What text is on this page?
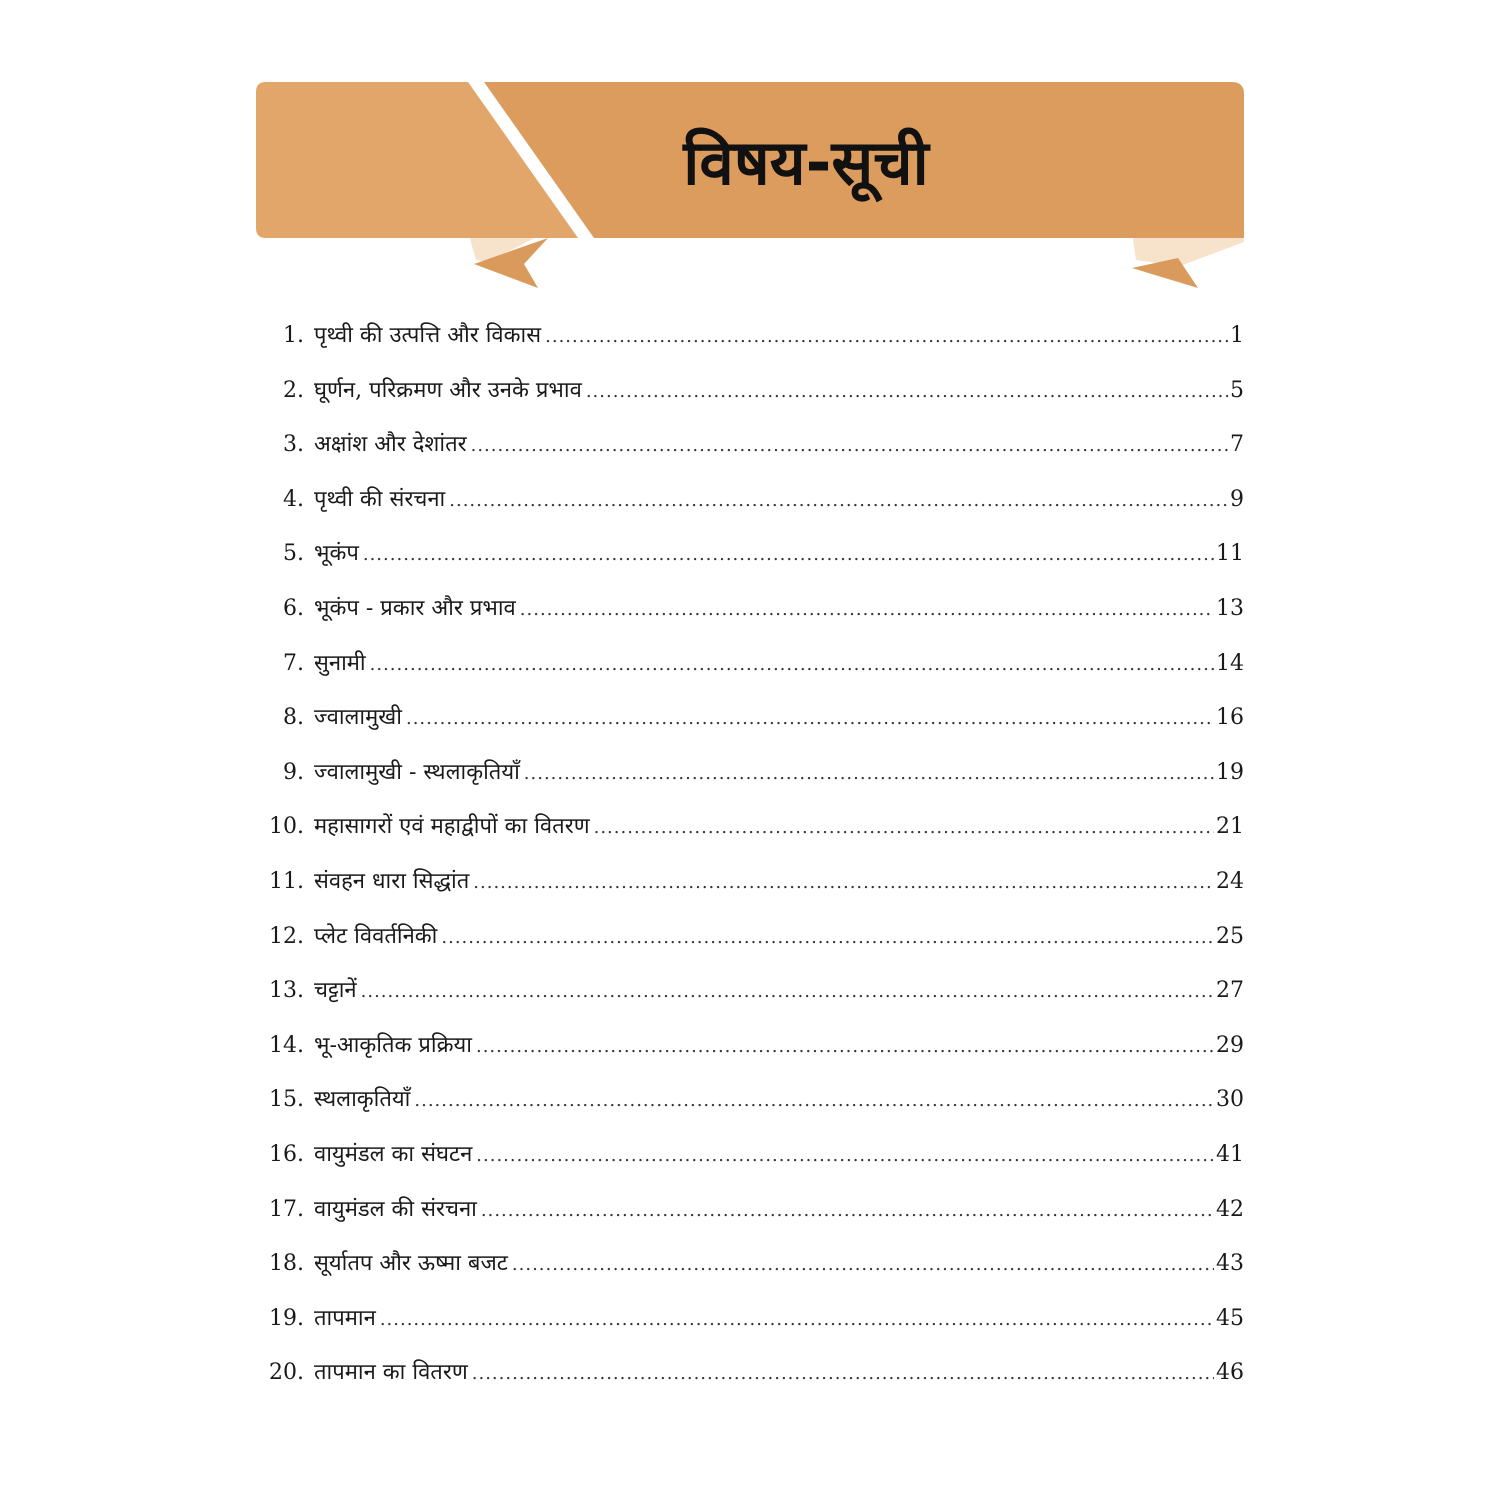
विषय-सूची
1. पृथ्वी की उत्पत्ति और विकास .....	1
2. घूर्णन, परिक्रमण और उनके प्रभाव .....	5
3. अक्षांश और देशांतर .....	7
4. पृथ्वी की संरचना .....	9
5. भूकंप .....	11
6. भूकंप - प्रकार और प्रभाव .....	13
7. सुनामी .....	14
8. ज्वालामुखी .....	16
9. ज्वालामुखी - स्थलाकृतियाँ .....	19
10. महासागरों एवं महाद्वीपों का वितरण .....	21
11. संवहन धारा सिद्धांत .....	24
12. प्लेट विवर्तनिकी .....	25
13. चट्टानें .....	27
14. भू-आकृतिक प्रक्रिया .....	29
15. स्थलाकृतियाँ .....	30
16. वायुमंडल का संघटन .....	41
17. वायुमंडल की संरचना .....	42
18. सूर्यातप और ऊष्मा बजट .....	43
19. तापमान .....	45
20. तापमान का वितरण .....	46
